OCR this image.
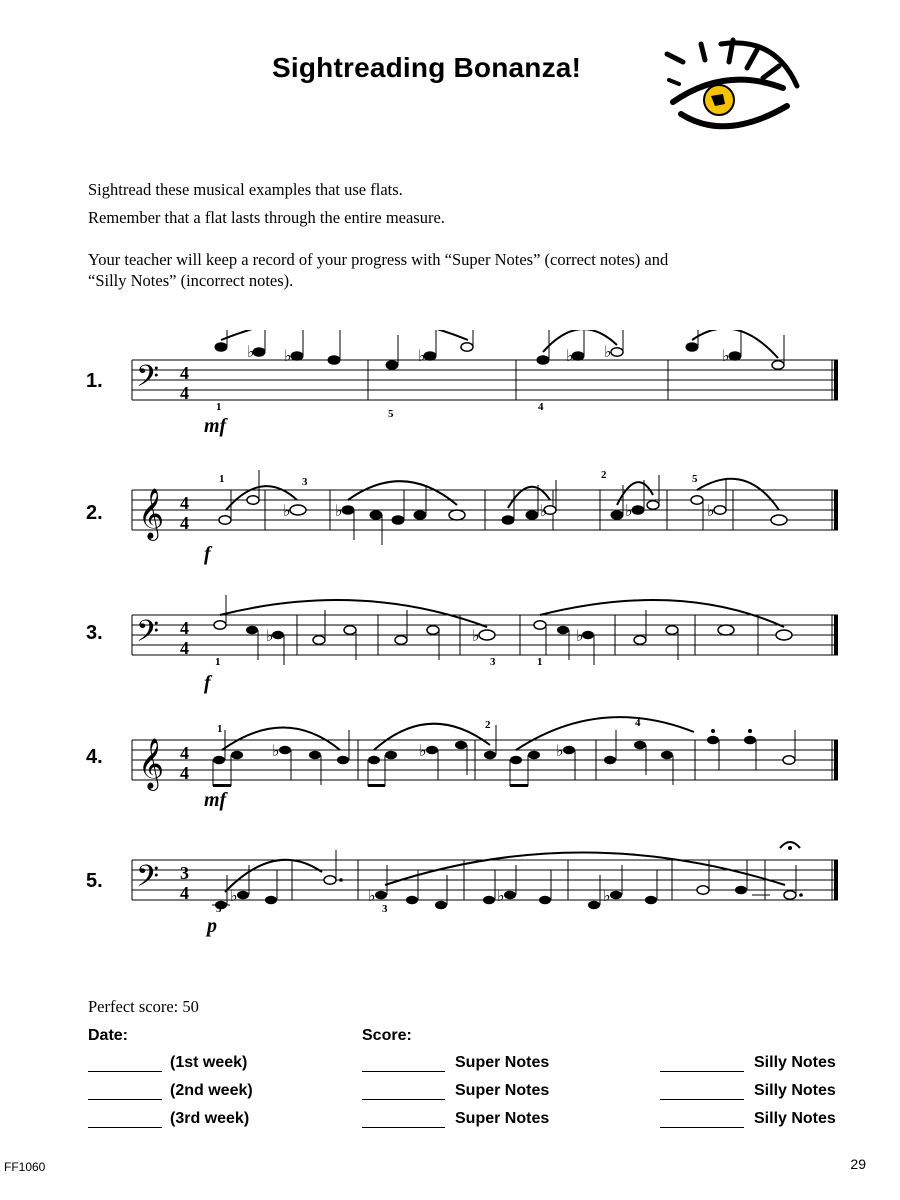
Sightreading Bonanza!
Sightread these musical examples that use flats.
Remember that a flat lasts through the entire measure.
Your teacher will keep a record of your progress with “Super Notes” (correct notes) and
“Silly Notes” (incorrect notes).
1. 𝄢 4
4
♭ ♭	♭	♭ ♭	♭
1
5
4
mf
2. 𝄞 4
4
♭	♭	♭	♭	♭
1	3
2	5
f
3. 𝄢 4
4
♭	♭	♭
1	3	1
f
4. 𝄞 4
4
♭	♭	♭
1	2	4
mf
5. 𝄢 3
4	♭	♭	♭	♭
5	3
p
Perfect score: 50
Date:	Score:
(1st week)	Super Notes	Silly Notes
(2nd week)	Super Notes	Silly Notes
(3rd week)	Super Notes	Silly Notes
FF1060	29
